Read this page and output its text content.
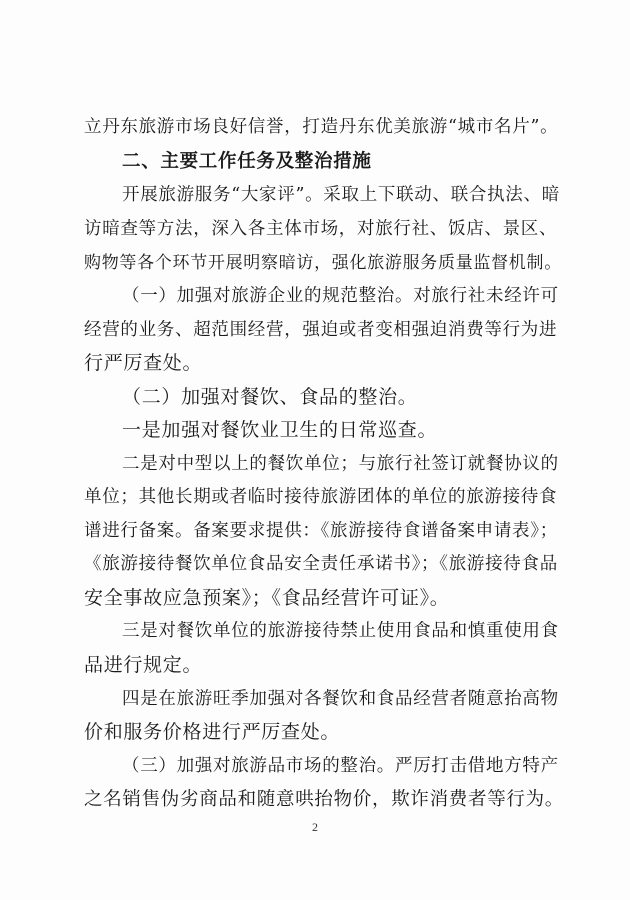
立丹东旅游市场良好信誉，打造丹东优美旅游“城市名片”。

二、主要工作任务及整治措施

开展旅游服务“大家评”。采取上下联动、联合执法、暗

访暗查等方法，深入各主体市场，对旅行社、饭店、景区、

购物等各个环节开展明察暗访，强化旅游服务质量监督机制。

（一）加强对旅游企业的规范整治。对旅行社未经许可

经营的业务、超范围经营，强迫或者变相强迫消费等行为进

行严厉查处。

（二）加强对餐饮、食品的整治。

一是加强对餐饮业卫生的日常巡查。

二是对中型以上的餐饮单位；与旅行社签订就餐协议的

单位；其他长期或者临时接待旅游团体的单位的旅游接待食

谱进行备案。备案要求提供：《旅游接待食谱备案申请表》；

《旅游接待餐饮单位食品安全责任承诺书》；《旅游接待食品

安全事故应急预案》；《食品经营许可证》。

三是对餐饮单位的旅游接待禁止使用食品和慎重使用食

品进行规定。

四是在旅游旺季加强对各餐饮和食品经营者随意抬高物

价和服务价格进行严厉查处。

（三）加强对旅游品市场的整治。严厉打击借地方特产

之名销售伪劣商品和随意哄抬物价，欺诈消费者等行为。

2
